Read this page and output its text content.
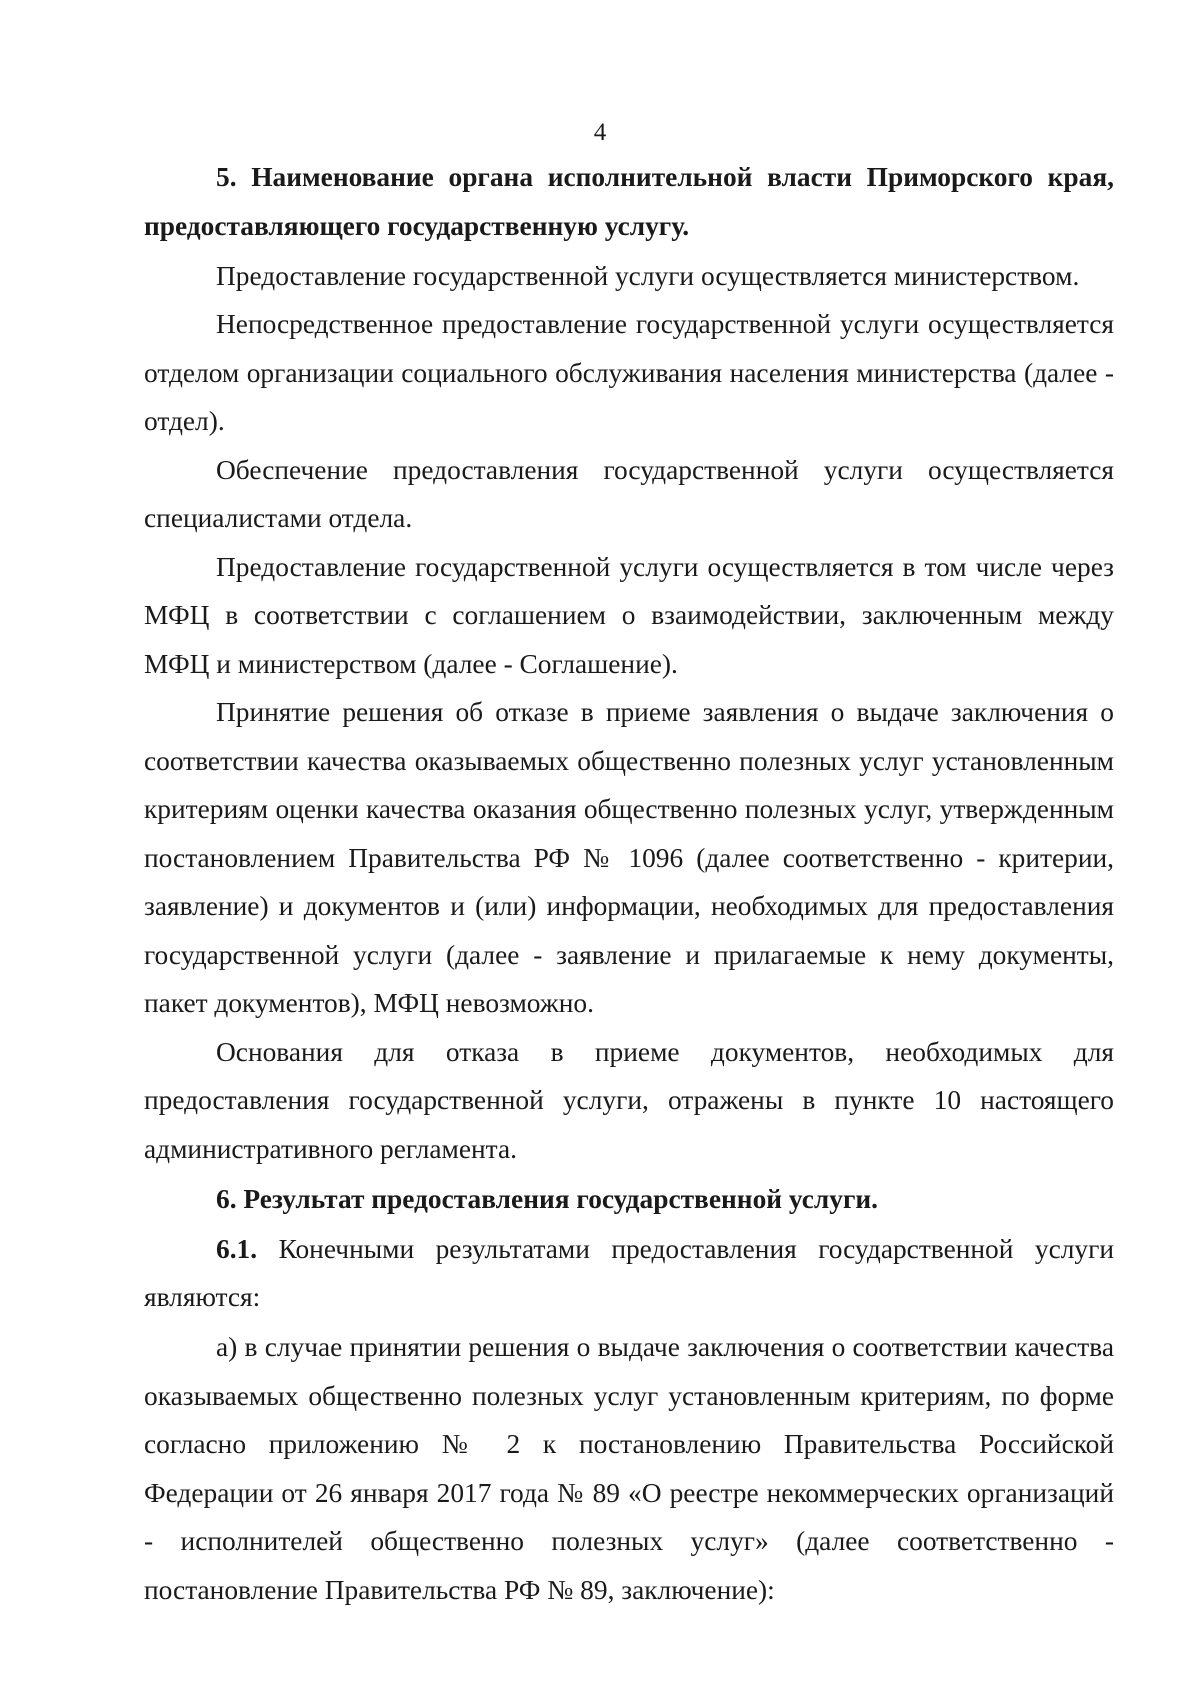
4

5. Наименование органа исполнительной власти Приморского края, предоставляющего государственную услугу.

Предоставление государственной услуги осуществляется министерством.

Непосредственное предоставление государственной услуги осуществляется отделом организации социального обслуживания населения министерства (далее - отдел).

Обеспечение предоставления государственной услуги осуществляется специалистами отдела.

Предоставление государственной услуги осуществляется в том числе через МФЦ в соответствии с соглашением о взаимодействии, заключенным между МФЦ и министерством (далее - Соглашение).

Принятие решения об отказе в приеме заявления о выдаче заключения о соответствии качества оказываемых общественно полезных услуг установленным критериям оценки качества оказания общественно полезных услуг, утвержденным постановлением Правительства РФ № 1096 (далее соответственно - критерии, заявление) и документов и (или) информации, необходимых для предоставления государственной услуги (далее - заявление и прилагаемые к нему документы, пакет документов), МФЦ невозможно.

Основания для отказа в приеме документов, необходимых для предоставления государственной услуги, отражены в пункте 10 настоящего административного регламента.

6. Результат предоставления государственной услуги.

6.1. Конечными результатами предоставления государственной услуги являются:

а) в случае принятии решения о выдаче заключения о соответствии качества оказываемых общественно полезных услуг установленным критериям, по форме согласно приложению № 2 к постановлению Правительства Российской Федерации от 26 января 2017 года № 89 «О реестре некоммерческих организаций - исполнителей общественно полезных услуг» (далее соответственно - постановление Правительства РФ № 89, заключение):
